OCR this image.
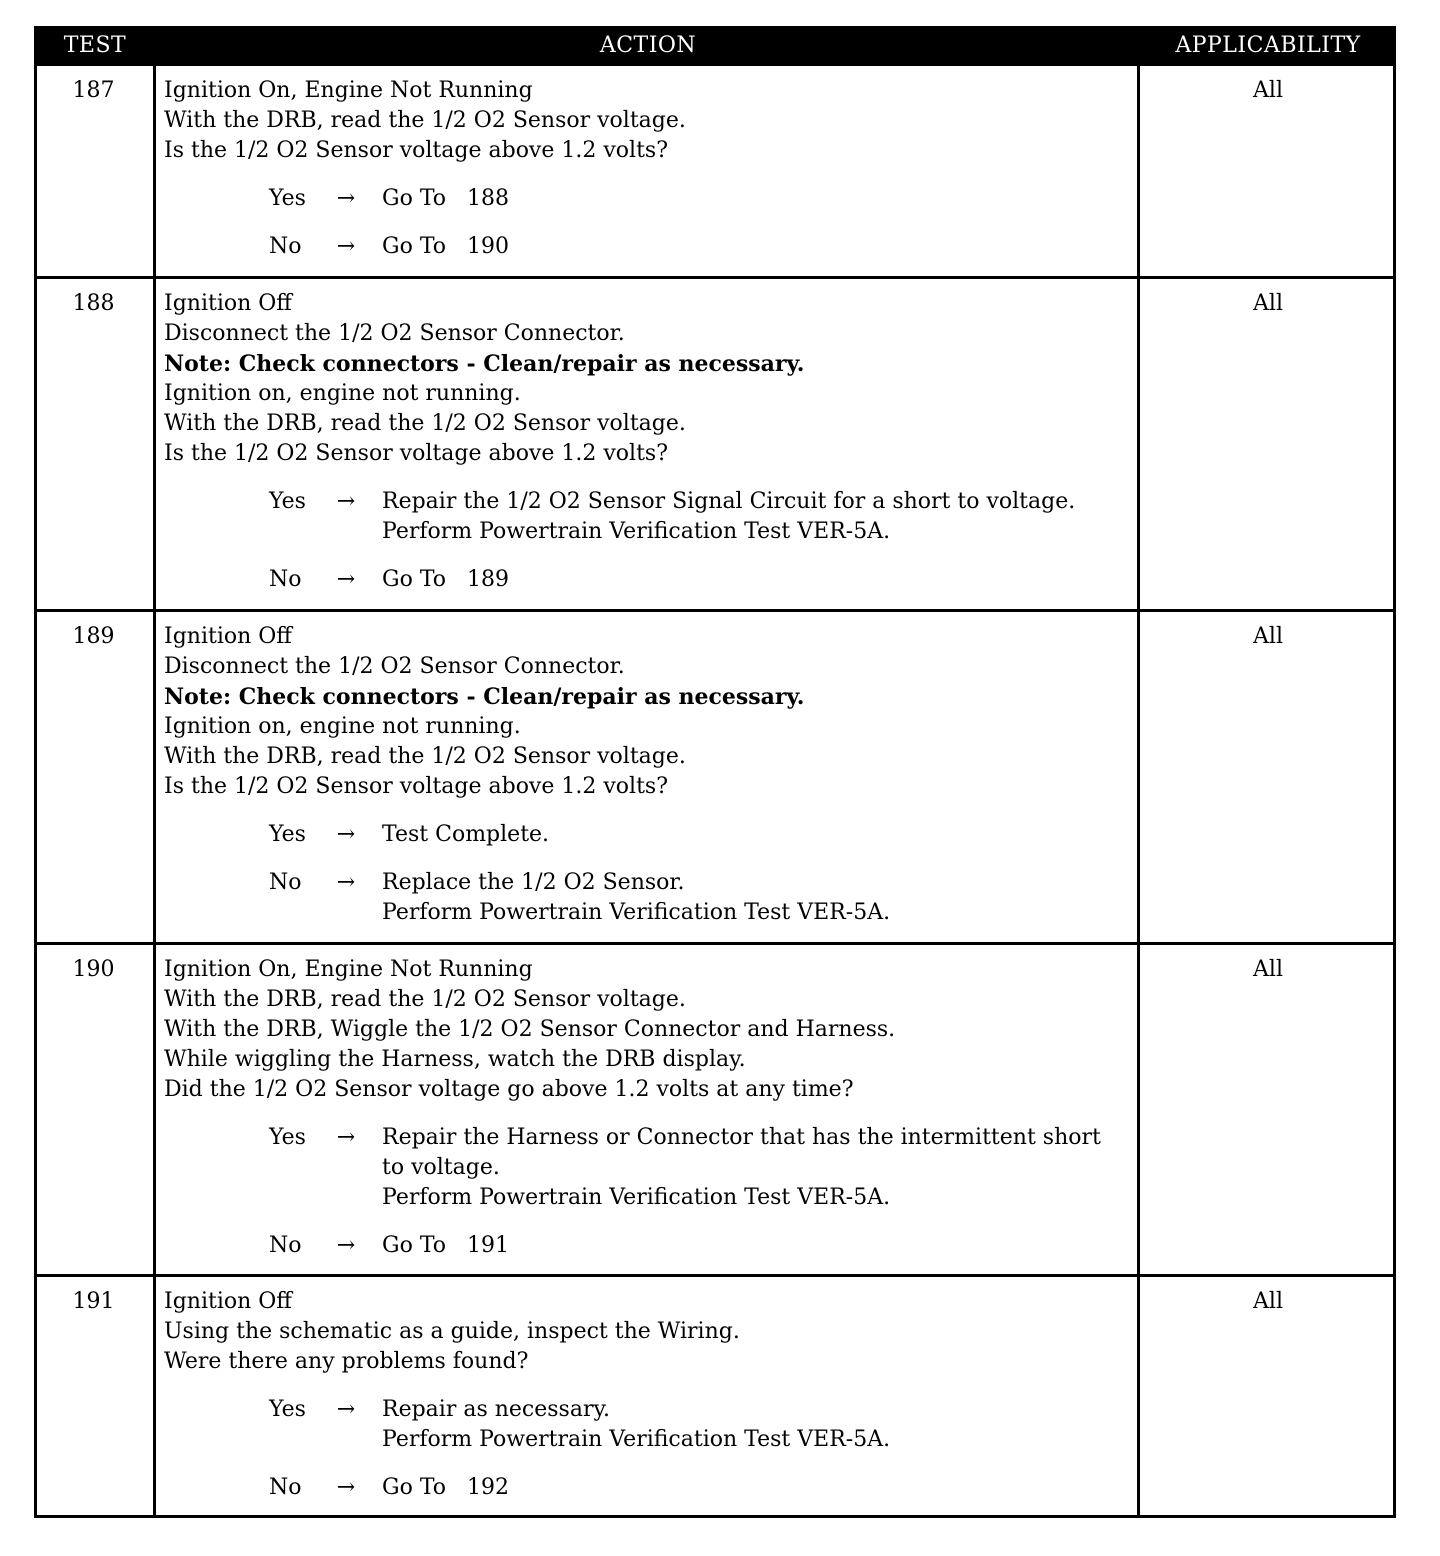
TEST	ACTION	APPLICABILITY
187	Ignition On, Engine Not Running
With the DRB, read the 1/2 O2 Sensor voltage.
Is the 1/2 O2 Sensor voltage above 1.2 volts?
Yes	→ Go To   188
No	→ Go To   190
All
188	Ignition Off
Disconnect the 1/2 O2 Sensor Connector.
Note: Check connectors - Clean/repair as necessary.
Ignition on, engine not running.
With the DRB, read the 1/2 O2 Sensor voltage.
Is the 1/2 O2 Sensor voltage above 1.2 volts?
Yes	→ Repair the 1/2 O2 Sensor Signal Circuit for a short to voltage.
Perform Powertrain Verification Test VER-5A.
No	→ Go To   189
All
189	Ignition Off
Disconnect the 1/2 O2 Sensor Connector.
Note: Check connectors - Clean/repair as necessary.
Ignition on, engine not running.
With the DRB, read the 1/2 O2 Sensor voltage.
Is the 1/2 O2 Sensor voltage above 1.2 volts?
Yes	→ Test Complete.
No	→ Replace the 1/2 O2 Sensor.
Perform Powertrain Verification Test VER-5A.
All
190	Ignition On, Engine Not Running
With the DRB, read the 1/2 O2 Sensor voltage.
With the DRB, Wiggle the 1/2 O2 Sensor Connector and Harness.
While wiggling the Harness, watch the DRB display.
Did the 1/2 O2 Sensor voltage go above 1.2 volts at any time?
Yes	→ Repair the Harness or Connector that has the intermittent short
to voltage.
Perform Powertrain Verification Test VER-5A.
No	→ Go To   191
All
191	Ignition Off
Using the schematic as a guide, inspect the Wiring.
Were there any problems found?
Yes	→ Repair as necessary.
Perform Powertrain Verification Test VER-5A.
No	→ Go To   192
All
